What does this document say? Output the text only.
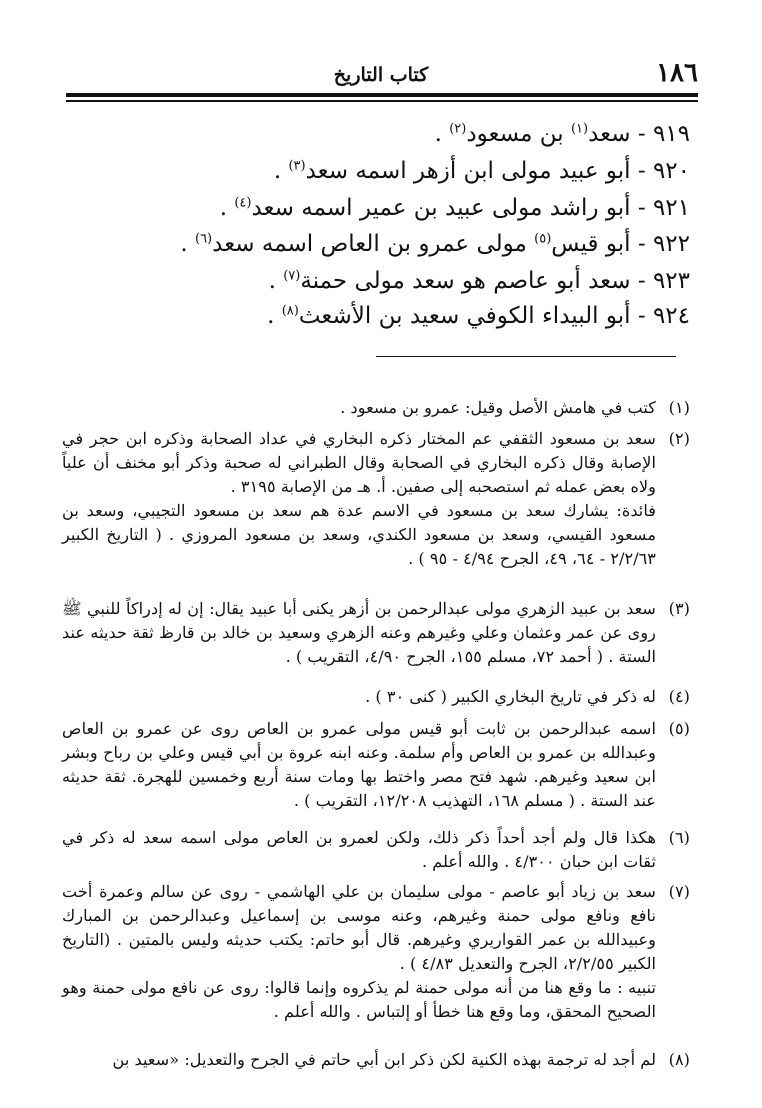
١٨٦
كتاب التاريخ
٩١٩ - سعد$^{(١)}$ بن مسعود$^{(٢)}$ .
٩٢٠ - أبو عبيد مولى ابن أزهر اسمه سعد$^{(٣)}$ .
٩٢١ - أبو راشد مولى عبيد بن عمير اسمه سعد$^{(٤)}$ .
٩٢٢ - أبو قيس$^{(٥)}$ مولى عمرو بن العاص اسمه سعد$^{(٦)}$ .
٩٢٣ - سعد أبو عاصم هو سعد مولى حمنة$^{(٧)}$ .
٩٢٤ - أبو البيداء الكوفي سعيد بن الأشعث$^{(٨)}$ .
(١)

كتب في هامش الأصل وقيل: عمرو بن مسعود .

(٢)

سعد بن مسعود الثقفي عم المختار ذكره البخاري في عداد الصحابة وذكره ابن حجر في الإصابة وقال ذكره البخاري في الصحابة وقال الطبراني له صحبة وذكر أبو مخنف أن علياً ولاه بعض عمله ثم استصحبه إلى صفين. أ. هـ من الإصابة ٣١٩٥ .

فائدة: يشارك سعد بن مسعود في الاسم عدة هم سعد بن مسعود التجيبي، وسعد بن مسعود القيسي، وسعد بن مسعود الكندي، وسعد بن مسعود المروزي . ( التاريخ الكبير ٢/٢/٦٣ - ٦٤، ٤٩، الجرح ٤/٩٤ - ٩٥ ) .

(٣)

سعد بن عبيد الزهري مولى عبدالرحمن بن أزهر يكنى أبا عبيد يقال: إن له إدراكاً للنبي ﷺ روى عن عمر وعثمان وعلي وغيرهم وعنه الزهري وسعيد بن خالد بن قارظ ثقة حديثه عند الستة . ( أحمد ٧٢، مسلم ١٥٥، الجرح ٤/٩٠، التقريب ) .

(٤)

له ذكر في تاريخ البخاري الكبير ( كنى ٣٠ ) .

(٥)

اسمه عبدالرحمن بن ثابت أبو قيس مولى عمرو بن العاص روى عن عمرو بن العاص وعبدالله بن عمرو بن العاص وأم سلمة. وعنه ابنه عروة بن أبي قيس وعلي بن رباح وبشر ابن سعيد وغيرهم. شهد فتح مصر واختط بها ومات سنة أربع وخمسين للهجرة. ثقة حديثه عند الستة . ( مسلم ١٦٨، التهذيب ١٢/٢٠٨، التقريب ) .

(٦)

هكذا قال ولم أجد أحداً ذكر ذلك، ولكن لعمرو بن العاص مولى اسمه سعد له ذكر في ثقات ابن حبان ٤/٣٠٠ . والله أعلم .

(٧)

سعد بن زياد أبو عاصم - مولى سليمان بن علي الهاشمي - روى عن سالم وعمرة أخت نافع ونافع مولى حمنة وغيرهم، وعنه موسى بن إسماعيل وعبدالرحمن بن المبارك وعبيدالله بن عمر القواريري وغيرهم. قال أبو حاتم: يكتب حديثه وليس بالمتين . (التاريخ الكبير ٢/٢/٥٥، الجرح والتعديل ٤/٨٣ ) .

تنبيه : ما وقع هنا من أنه مولى حمنة لم يذكروه وإنما قالوا: روى عن نافع مولى حمنة وهو الصحيح المحقق، وما وقع هنا خطأ أو إلتباس . والله أعلم .

(٨)

لم أجد له ترجمة بهذه الكنية لكن ذكر ابن أبي حاتم في الجرح والتعديل: «سعيد بن
